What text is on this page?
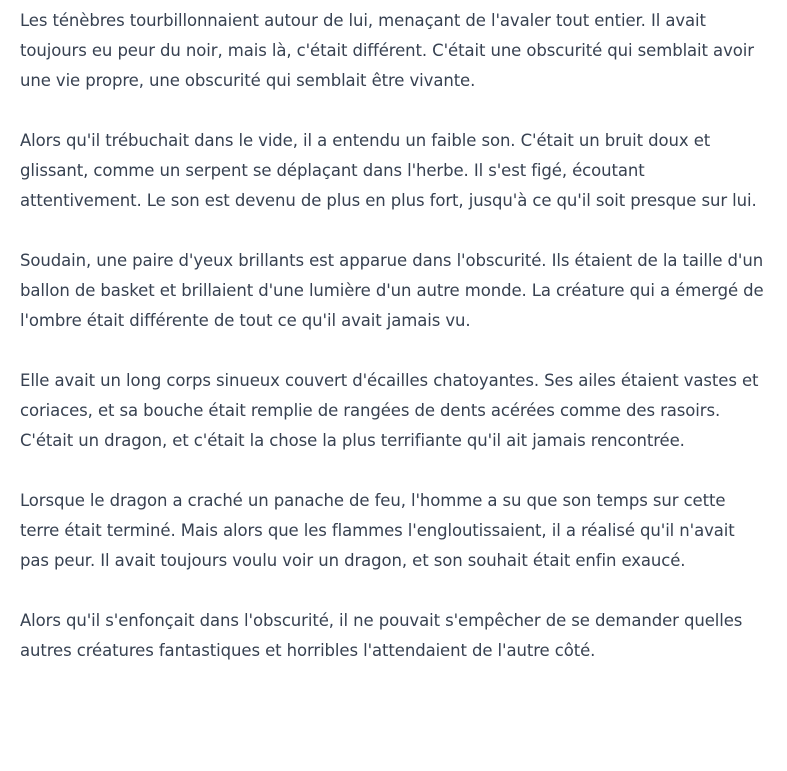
Les ténèbres tourbillonnaient autour de lui, menaçant de l'avaler tout entier. Il avait toujours eu peur du noir, mais là, c'était différent. C'était une obscurité qui semblait avoir une vie propre, une obscurité qui semblait être vivante.

Alors qu'il trébuchait dans le vide, il a entendu un faible son. C'était un bruit doux et glissant, comme un serpent se déplaçant dans l'herbe. Il s'est figé, écoutant attentivement. Le son est devenu de plus en plus fort, jusqu'à ce qu'il soit presque sur lui.

Soudain, une paire d'yeux brillants est apparue dans l'obscurité. Ils étaient de la taille d'un ballon de basket et brillaient d'une lumière d'un autre monde. La créature qui a émergé de l'ombre était différente de tout ce qu'il avait jamais vu.

Elle avait un long corps sinueux couvert d'écailles chatoyantes. Ses ailes étaient vastes et coriaces, et sa bouche était remplie de rangées de dents acérées comme des rasoirs. C'était un dragon, et c'était la chose la plus terrifiante qu'il ait jamais rencontrée.

Lorsque le dragon a craché un panache de feu, l'homme a su que son temps sur cette terre était terminé. Mais alors que les flammes l'engloutissaient, il a réalisé qu'il n'avait pas peur. Il avait toujours voulu voir un dragon, et son souhait était enfin exaucé.

Alors qu'il s'enfonçait dans l'obscurité, il ne pouvait s'empêcher de se demander quelles autres créatures fantastiques et horribles l'attendaient de l'autre côté.
